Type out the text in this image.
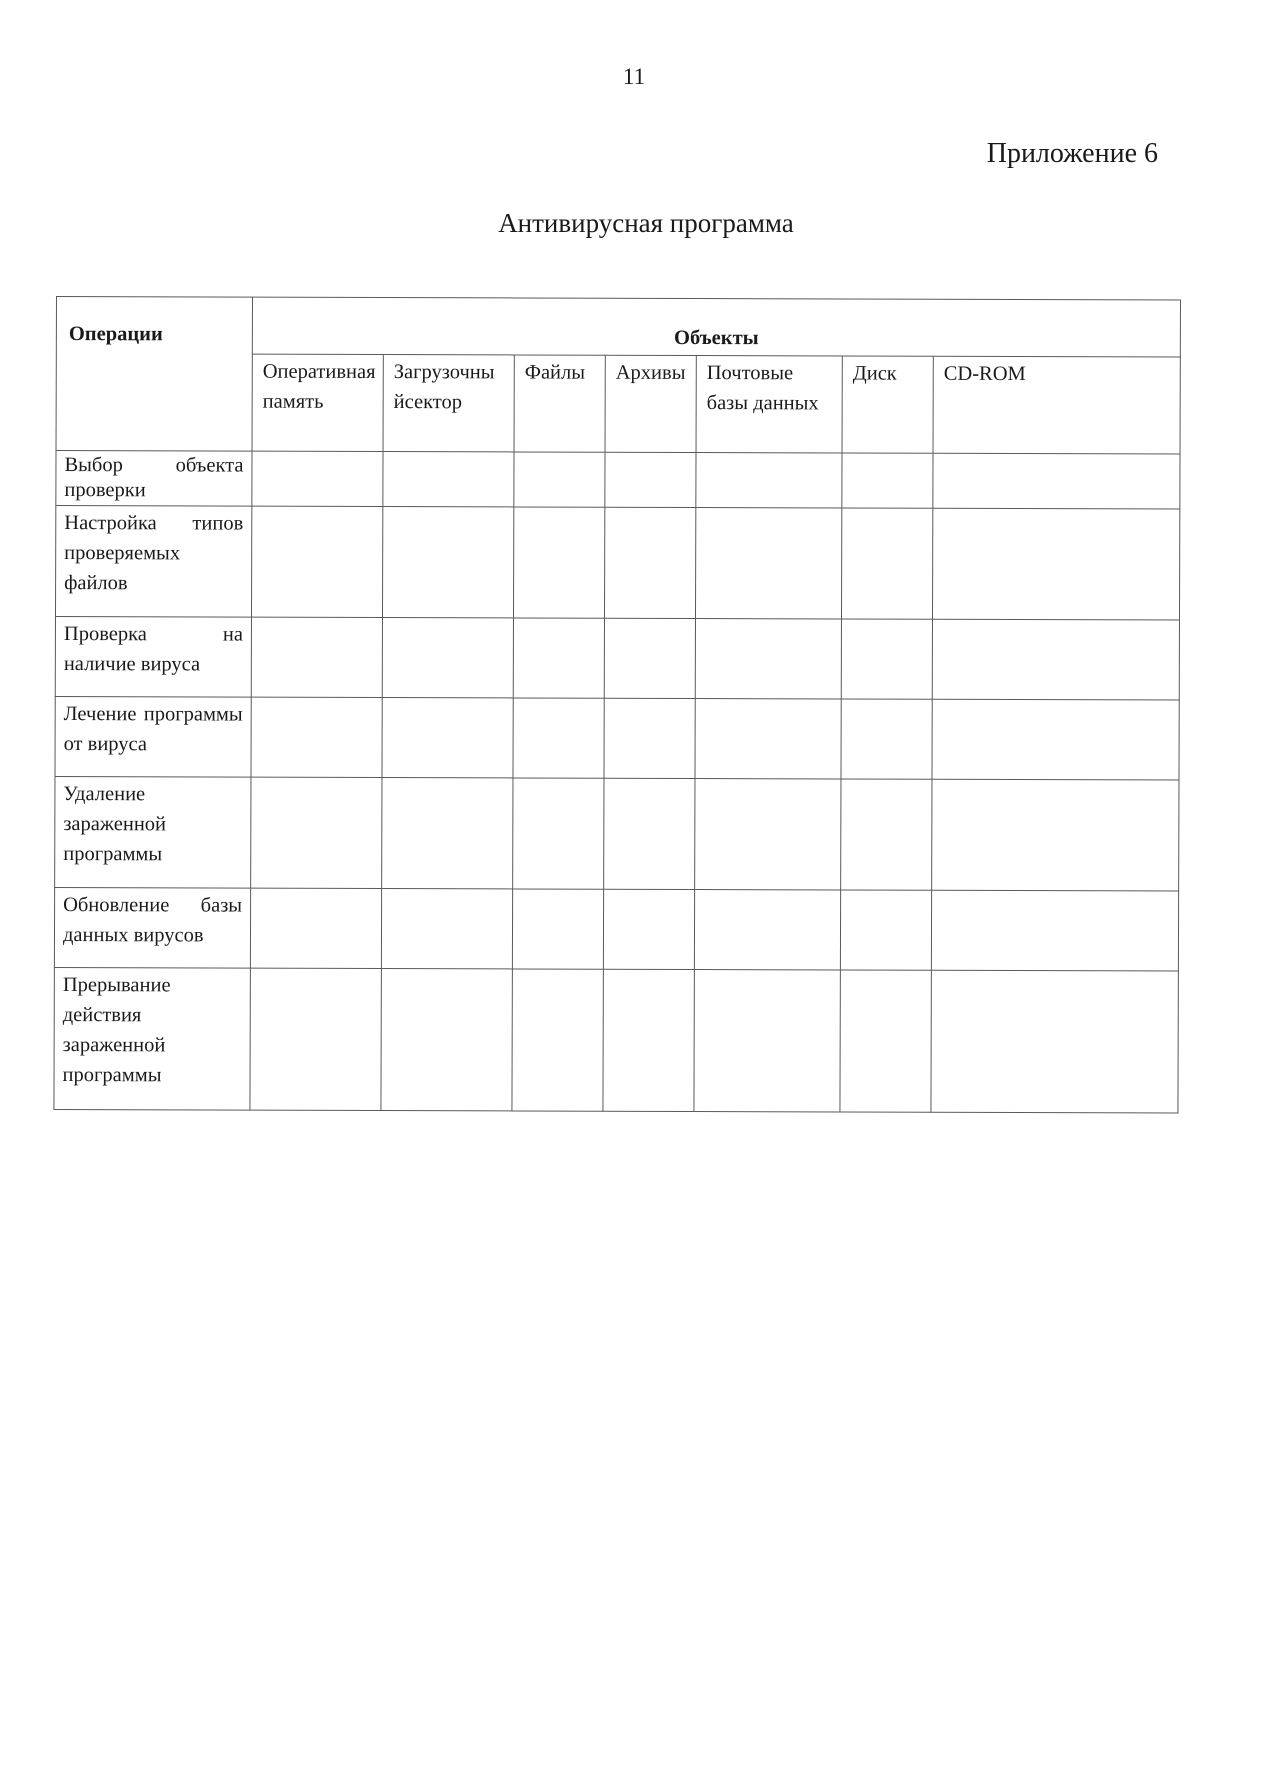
11
Приложение 6
Антивирусная программа
Операции	Объекты						
	Оперативная память	Загрузочны йсектор	Файлы	Архивы	Почтовые базы данных	Диск	CD-ROM
Выбор объекта проверки							
Настройка типов проверяемых файлов							
Проверка на наличие вируса							
Лечение программы от вируса							
Удаление зараженной программы							
Обновление базы данных вирусов							
Прерывание действия зараженной программы							
